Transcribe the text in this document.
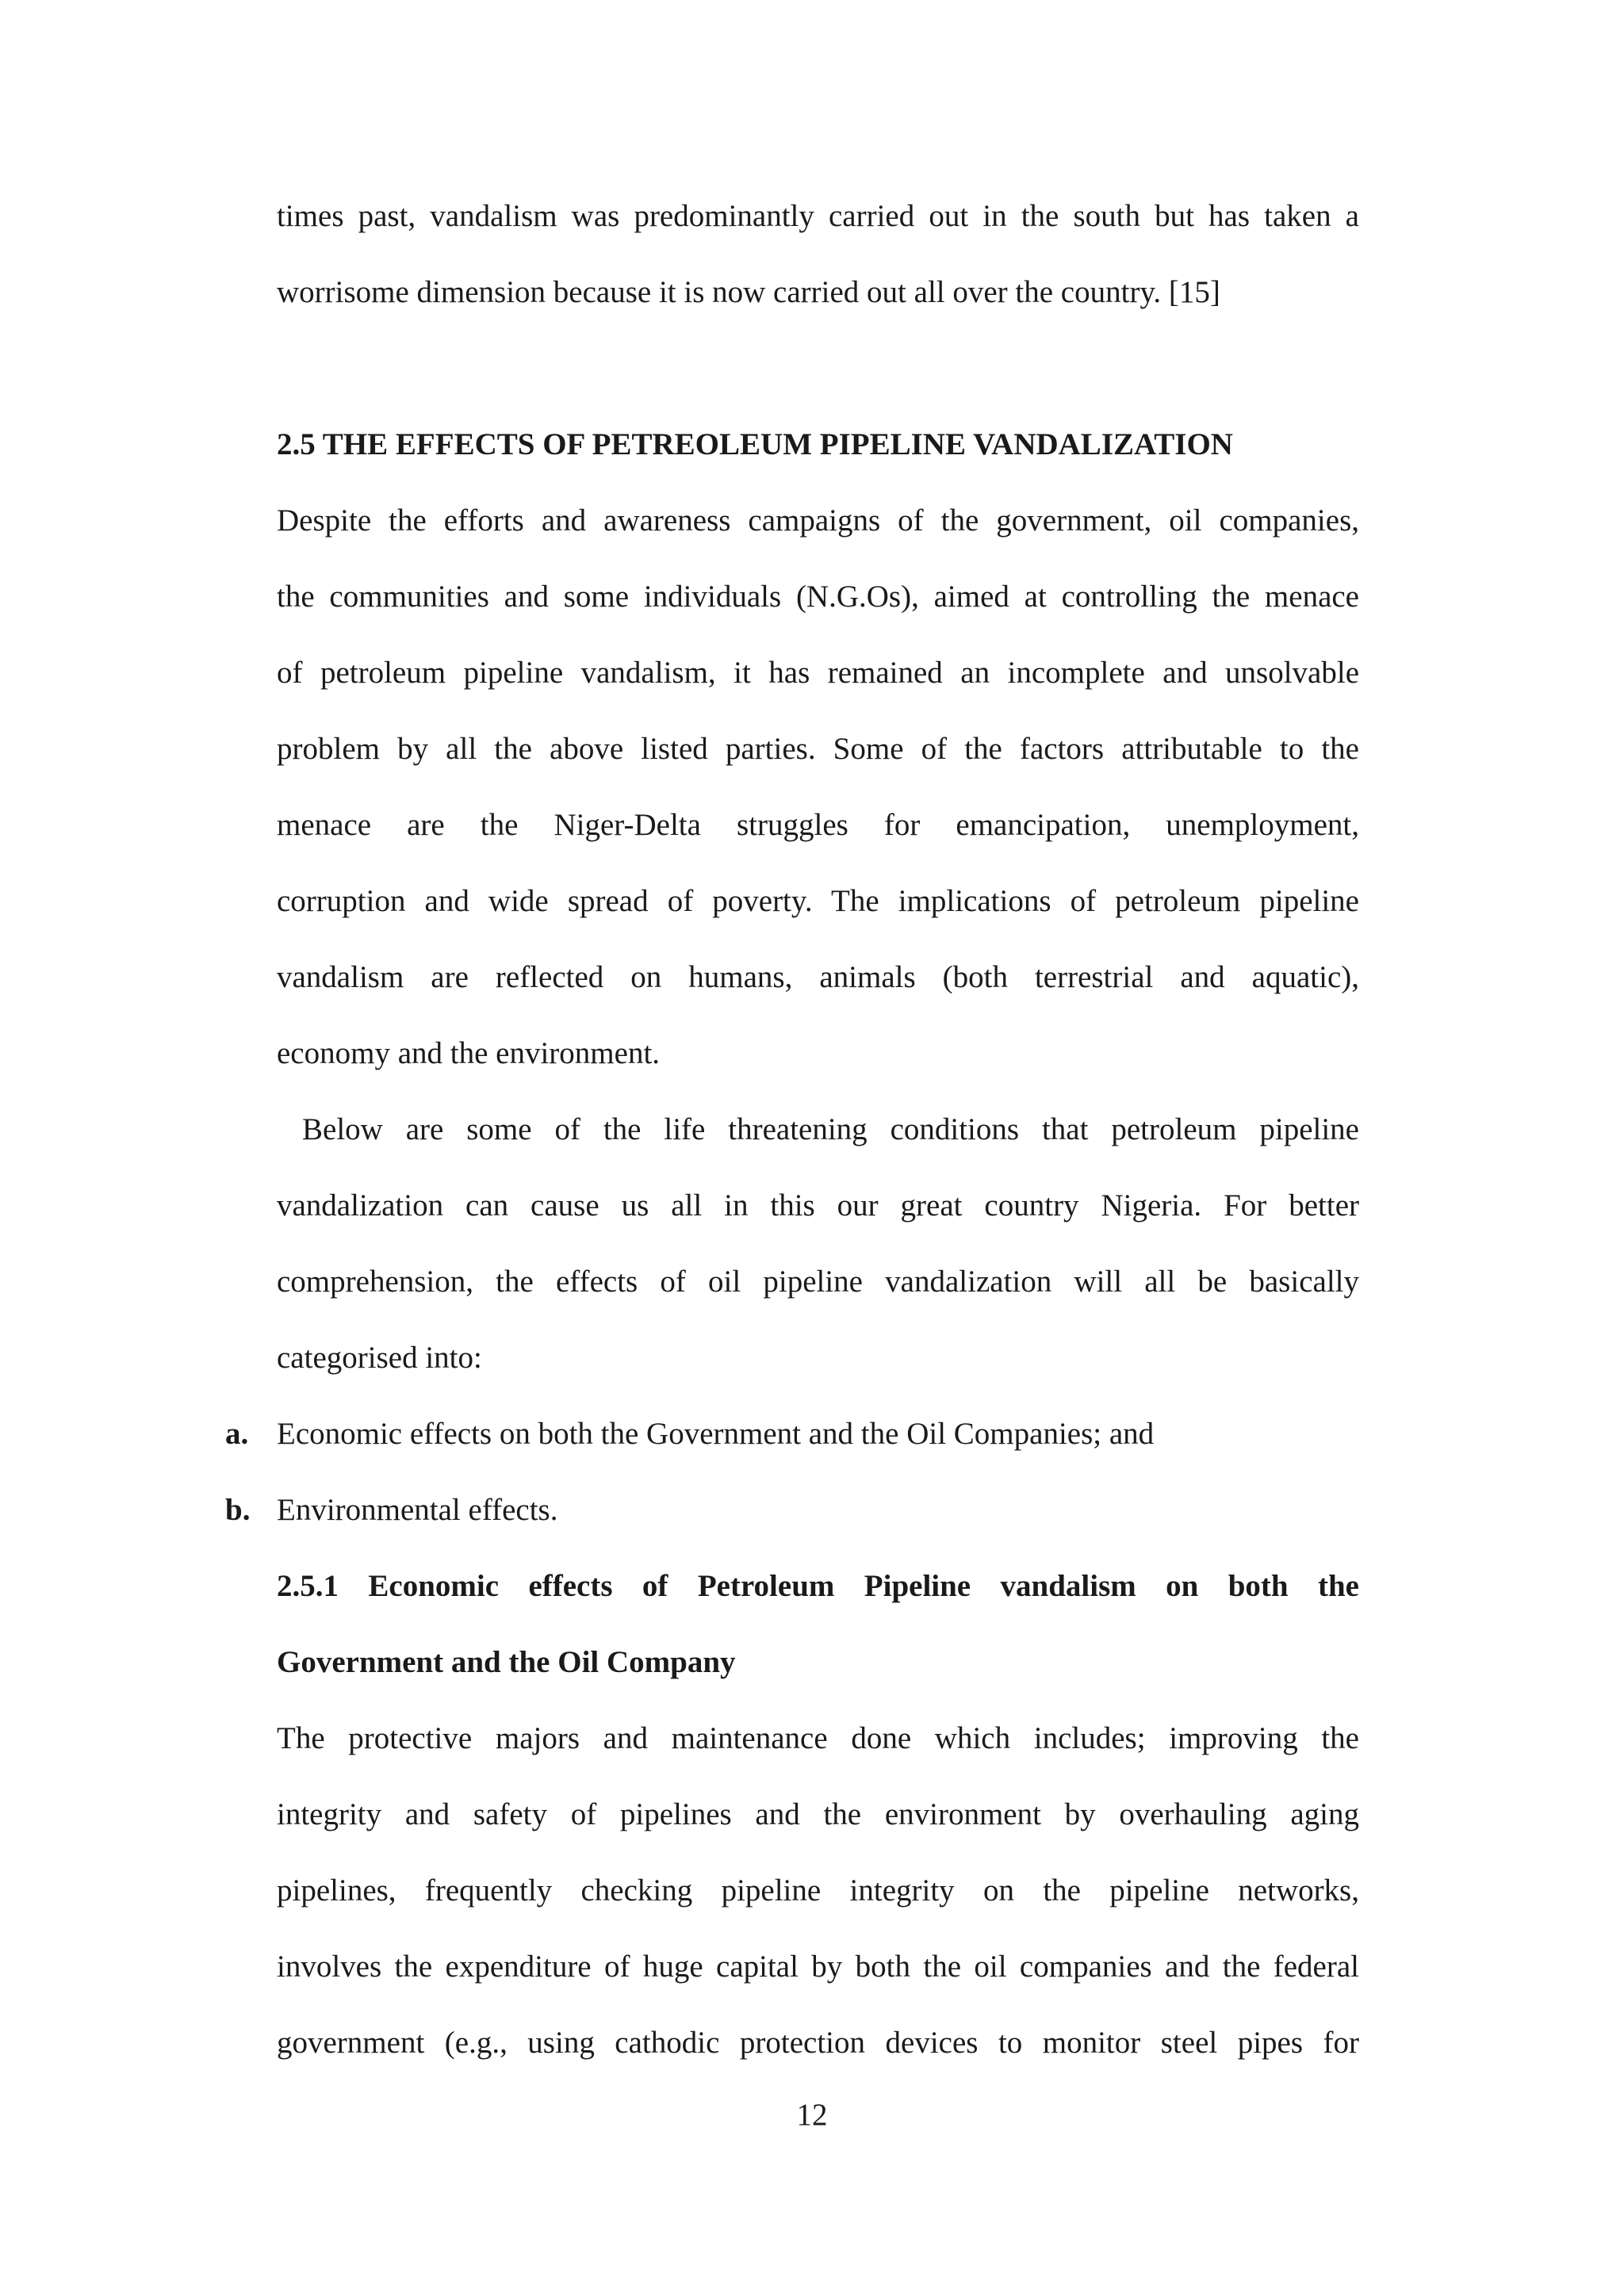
times past, vandalism was predominantly carried out in the south but has taken a
worrisome dimension because it is now carried out all over the country. [15]
2.5 THE EFFECTS OF PETREOLEUM PIPELINE VANDALIZATION
Despite the efforts and awareness campaigns of the government, oil companies,
the communities and some individuals (N.G.Os), aimed at controlling the menace
of petroleum pipeline vandalism, it has remained an incomplete and unsolvable
problem by all the above listed parties. Some of the factors attributable to the
menace are the Niger-Delta struggles for emancipation, unemployment,
corruption and wide spread of poverty. The implications of petroleum pipeline
vandalism are reflected on humans, animals (both terrestrial and aquatic),
economy and the environment.
Below are some of the life threatening conditions that petroleum pipeline
vandalization can cause us all in this our great country Nigeria. For better
comprehension, the effects of oil pipeline vandalization will all be basically
categorised into:
a. Economic effects on both the Government and the Oil Companies; and
b. Environmental effects.
2.5.1 Economic effects of Petroleum Pipeline vandalism on both the
Government and the Oil Company
The protective majors and maintenance done which includes; improving the
integrity and safety of pipelines and the environment by overhauling aging
pipelines, frequently checking pipeline integrity on the pipeline networks,
involves the expenditure of huge capital by both the oil companies and the federal
government (e.g., using cathodic protection devices to monitor steel pipes for
12
